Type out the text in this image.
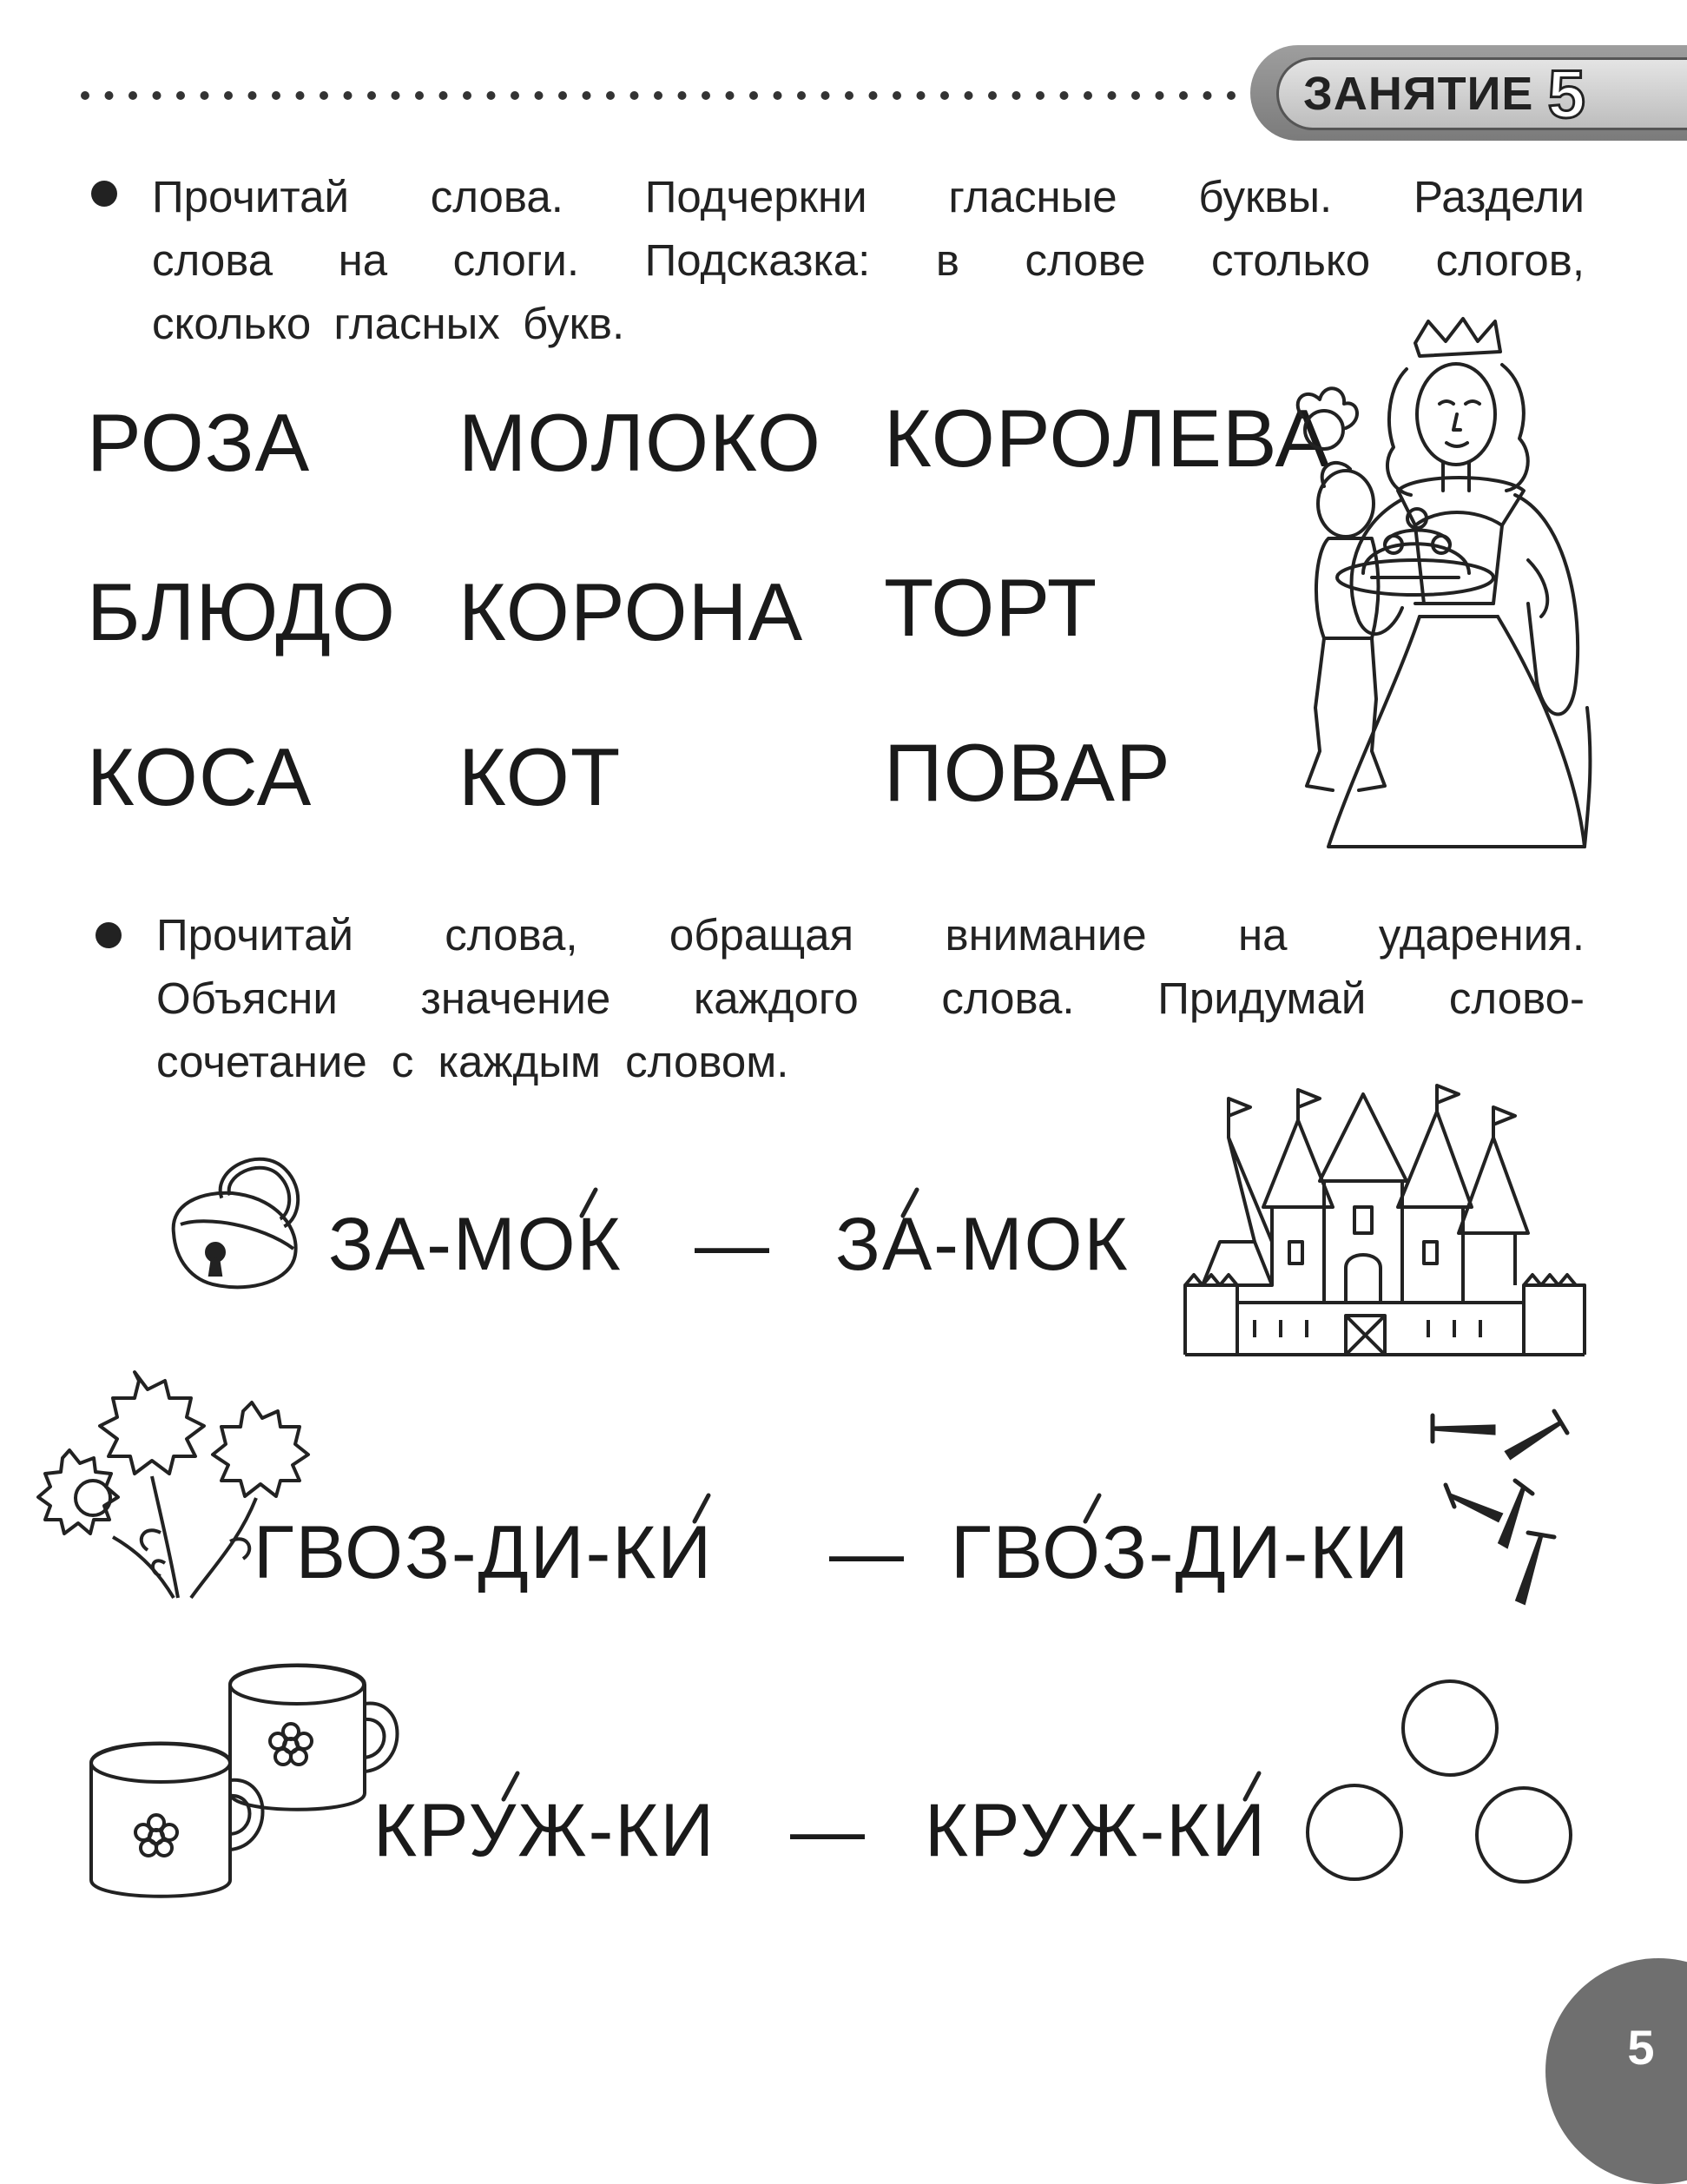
ЗАНЯТИЕ 5
Прочитай слова. Подчеркни гласные буквы. Раздели
слова на слоги. Подсказка: в слове столько слогов,
сколько гласных букв.
РОЗА МОЛОКО КОРОЛЕВА
БЛЮДО КОРОНА ТОРТ
КОСА КОТ	ПОВАР
Прочитай слова, обращая внимание на ударения.
Объясни значение каждого слова. Придумай слово-
сочетание с каждым словом.
ЗА-МОК — ЗА-МОК
ГВОЗ-ДИ-КИ — ГВОЗ-ДИ-КИ
КРУЖ-КИ — КРУЖ-КИ
5
